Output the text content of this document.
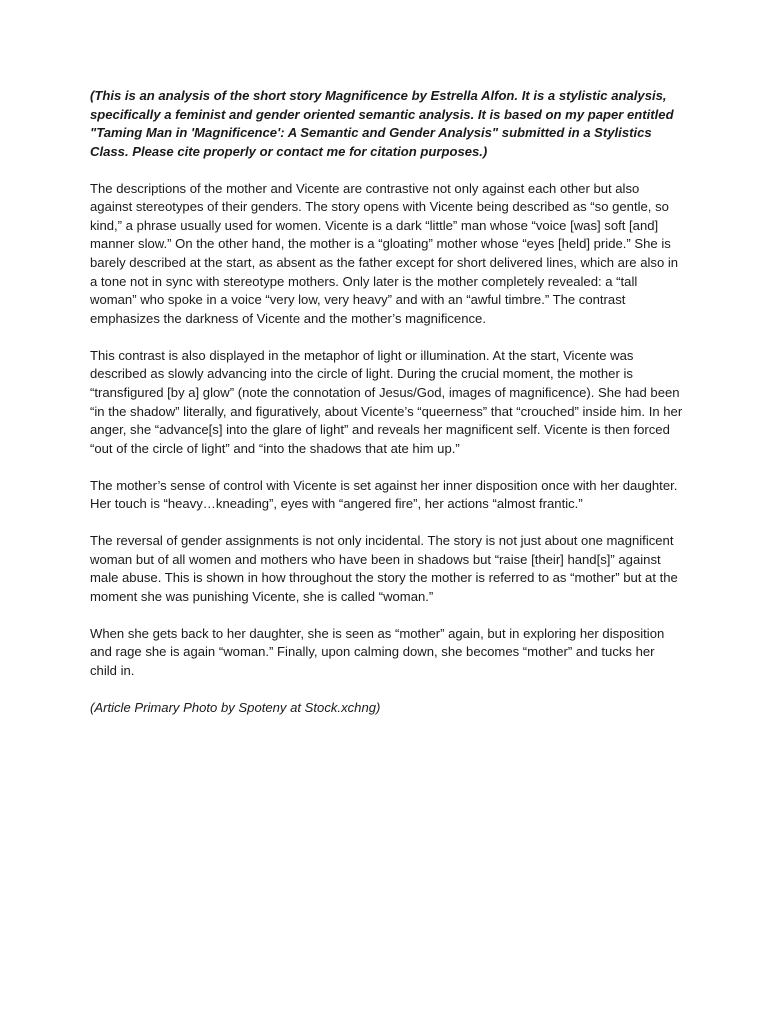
(This is an analysis of the short story Magnificence by Estrella Alfon. It is a stylistic analysis, specifically a feminist and gender oriented semantic analysis. It is based on my paper entitled "Taming Man in 'Magnificence': A Semantic and Gender Analysis" submitted in a Stylistics Class. Please cite properly or contact me for citation purposes.)

The descriptions of the mother and Vicente are contrastive not only against each other but also against stereotypes of their genders. The story opens with Vicente being described as “so gentle, so kind,” a phrase usually used for women. Vicente is a dark “little” man whose “voice [was] soft [and] manner slow.” On the other hand, the mother is a “gloating” mother whose “eyes [held] pride.” She is barely described at the start, as absent as the father except for short delivered lines, which are also in a tone not in sync with stereotype mothers. Only later is the mother completely revealed: a “tall woman” who spoke in a voice “very low, very heavy” and with an “awful timbre.” The contrast emphasizes the darkness of Vicente and the mother’s magnificence.

This contrast is also displayed in the metaphor of light or illumination. At the start, Vicente was described as slowly advancing into the circle of light. During the crucial moment, the mother is “transfigured [by a] glow” (note the connotation of Jesus/God, images of magnificence). She had been “in the shadow” literally, and figuratively, about Vicente’s “queerness” that “crouched” inside him. In her anger, she “advance[s] into the glare of light” and reveals her magnificent self. Vicente is then forced “out of the circle of light” and “into the shadows that ate him up.”

The mother’s sense of control with Vicente is set against her inner disposition once with her daughter. Her touch is “heavy…kneading”, eyes with “angered fire”, her actions “almost frantic.”

The reversal of gender assignments is not only incidental. The story is not just about one magnificent woman but of all women and mothers who have been in shadows but “raise [their] hand[s]” against male abuse. This is shown in how throughout the story the mother is referred to as “mother” but at the moment she was punishing Vicente, she is called “woman.”

When she gets back to her daughter, she is seen as “mother” again, but in exploring her disposition and rage she is again “woman.” Finally, upon calming down, she becomes “mother” and tucks her child in.

(Article Primary Photo by Spoteny at Stock.xchng)
